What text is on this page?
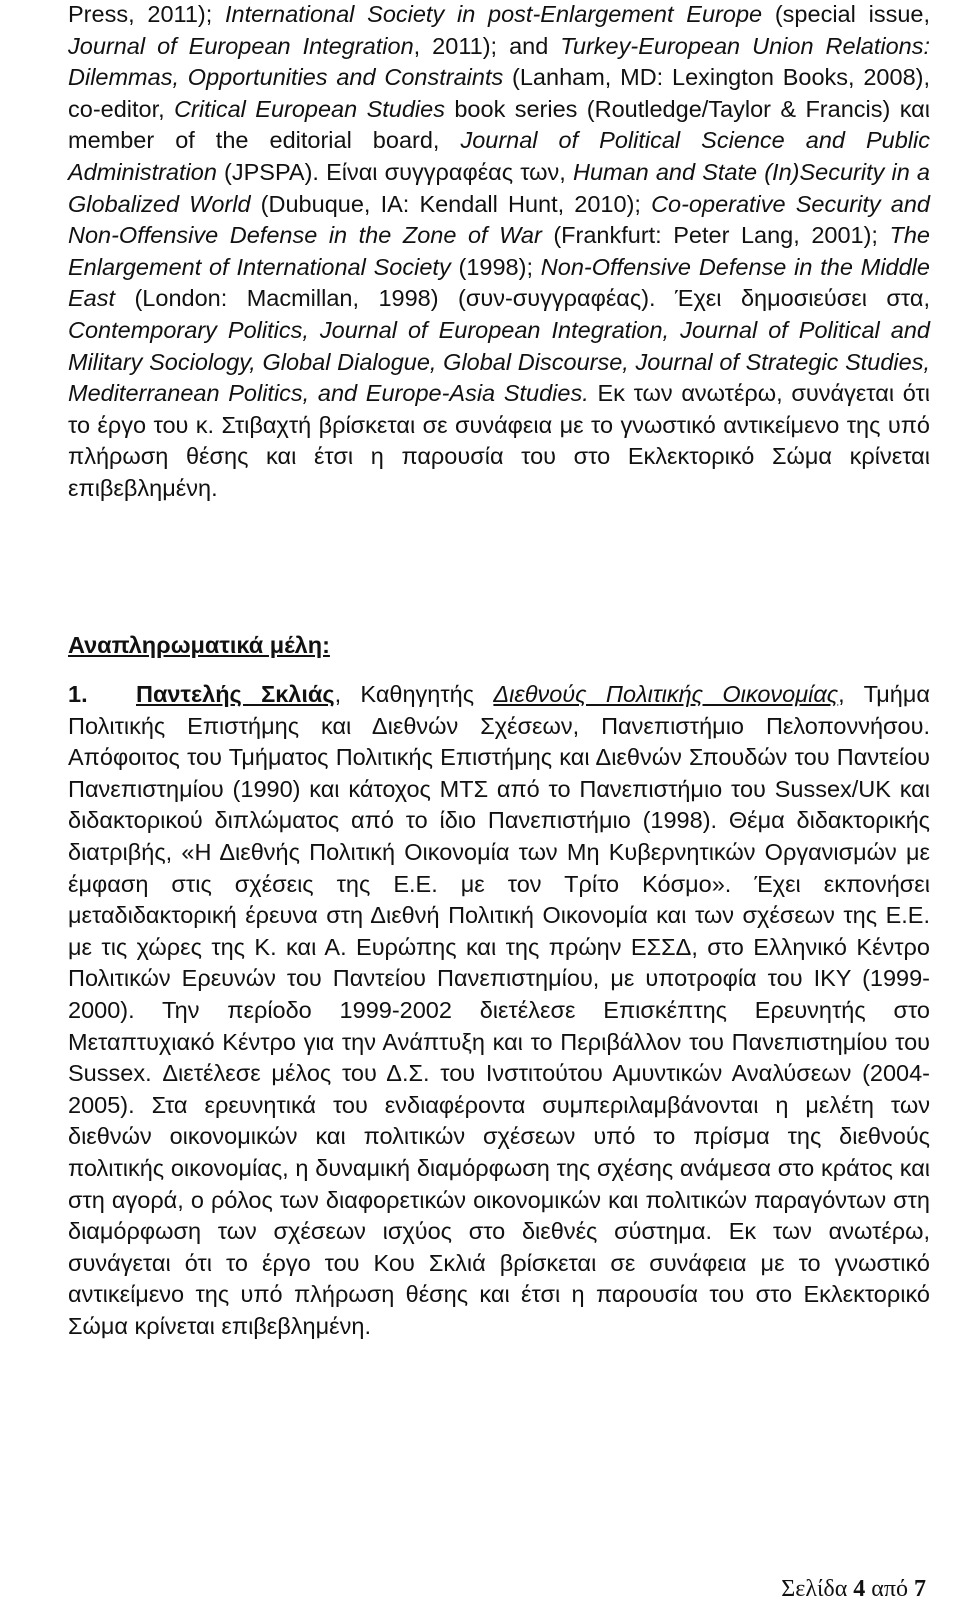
Press, 2011); International Society in post-Enlargement Europe (special issue, Journal of European Integration, 2011); and Turkey-European Union Relations: Dilemmas, Opportunities and Constraints (Lanham, MD: Lexington Books, 2008), co-editor, Critical European Studies book series (Routledge/Taylor & Francis) και member of the editorial board, Journal of Political Science and Public Administration (JPSPA). Είναι συγγραφέας των, Human and State (In)Security in a Globalized World (Dubuque, IA: Kendall Hunt, 2010); Co-operative Security and Non-Offensive Defense in the Zone of War (Frankfurt: Peter Lang, 2001); The Enlargement of International Society (1998); Non-Offensive Defense in the Middle East (London: Macmillan, 1998) (συν-συγγραφέας). Έχει δημοσιεύσει στα, Contemporary Politics, Journal of European Integration, Journal of Political and Military Sociology, Global Dialogue, Global Discourse, Journal of Strategic Studies, Mediterranean Politics, and Europe-Asia Studies. Εκ των ανωτέρω, συνάγεται ότι το έργο του κ. Στιβαχτή βρίσκεται σε συνάφεια με το γνωστικό αντικείμενο της υπό πλήρωση θέσης και έτσι η παρουσία του στο Εκλεκτορικό Σώμα κρίνεται επιβεβλημένη.

Αναπληρωματικά μέλη:
1.	Παντελής Σκλιάς, Καθηγητής Διεθνούς Πολιτικής Οικονομίας, Τμήμα Πολιτικής Επιστήμης και Διεθνών Σχέσεων, Πανεπιστήμιο Πελοποννήσου. Απόφοιτος του Τμήματος Πολιτικής Επιστήμης και Διεθνών Σπουδών του Παντείου Πανεπιστημίου (1990) και κάτοχος ΜΤΣ από το Πανεπιστήμιο του Sussex/UK και διδακτορικού διπλώματος από το ίδιο Πανεπιστήμιο (1998). Θέμα διδακτορικής διατριβής, «Η Διεθνής Πολιτική Οικονομία των Μη Κυβερνητικών Οργανισμών με έμφαση στις σχέσεις της Ε.Ε. με τον Τρίτο Κόσμο». Έχει εκπονήσει μεταδιδακτορική έρευνα στη Διεθνή Πολιτική Οικονομία και των σχέσεων της Ε.Ε. με τις χώρες της Κ. και Α. Ευρώπης και της πρώην ΕΣΣΔ, στο Ελληνικό Κέντρο Πολιτικών Ερευνών του Παντείου Πανεπιστημίου, με υποτροφία του ΙΚΥ (1999-2000). Την περίοδο 1999-2002 διετέλεσε Επισκέπτης Ερευνητής στο Μεταπτυχιακό Κέντρο για την Ανάπτυξη και το Περιβάλλον του Πανεπιστημίου του Sussex. Διετέλεσε μέλος του Δ.Σ. του Ινστιτούτου Αμυντικών Αναλύσεων (2004-2005). Στα ερευνητικά του ενδιαφέροντα συμπεριλαμβάνονται η μελέτη των διεθνών οικονομικών και πολιτικών σχέσεων υπό το πρίσμα της διεθνούς πολιτικής οικονομίας, η δυναμική διαμόρφωση της σχέσης ανάμεσα στο κράτος και στη αγορά, ο ρόλος των διαφορετικών οικονομικών και πολιτικών παραγόντων στη διαμόρφωση των σχέσεων ισχύος στο διεθνές σύστημα. Εκ των ανωτέρω, συνάγεται ότι το έργο του Κου Σκλιά βρίσκεται σε συνάφεια με το γνωστικό αντικείμενο της υπό πλήρωση θέσης και έτσι η παρουσία του στο Εκλεκτορικό Σώμα κρίνεται επιβεβλημένη.

Σελίδα 4 από 7
